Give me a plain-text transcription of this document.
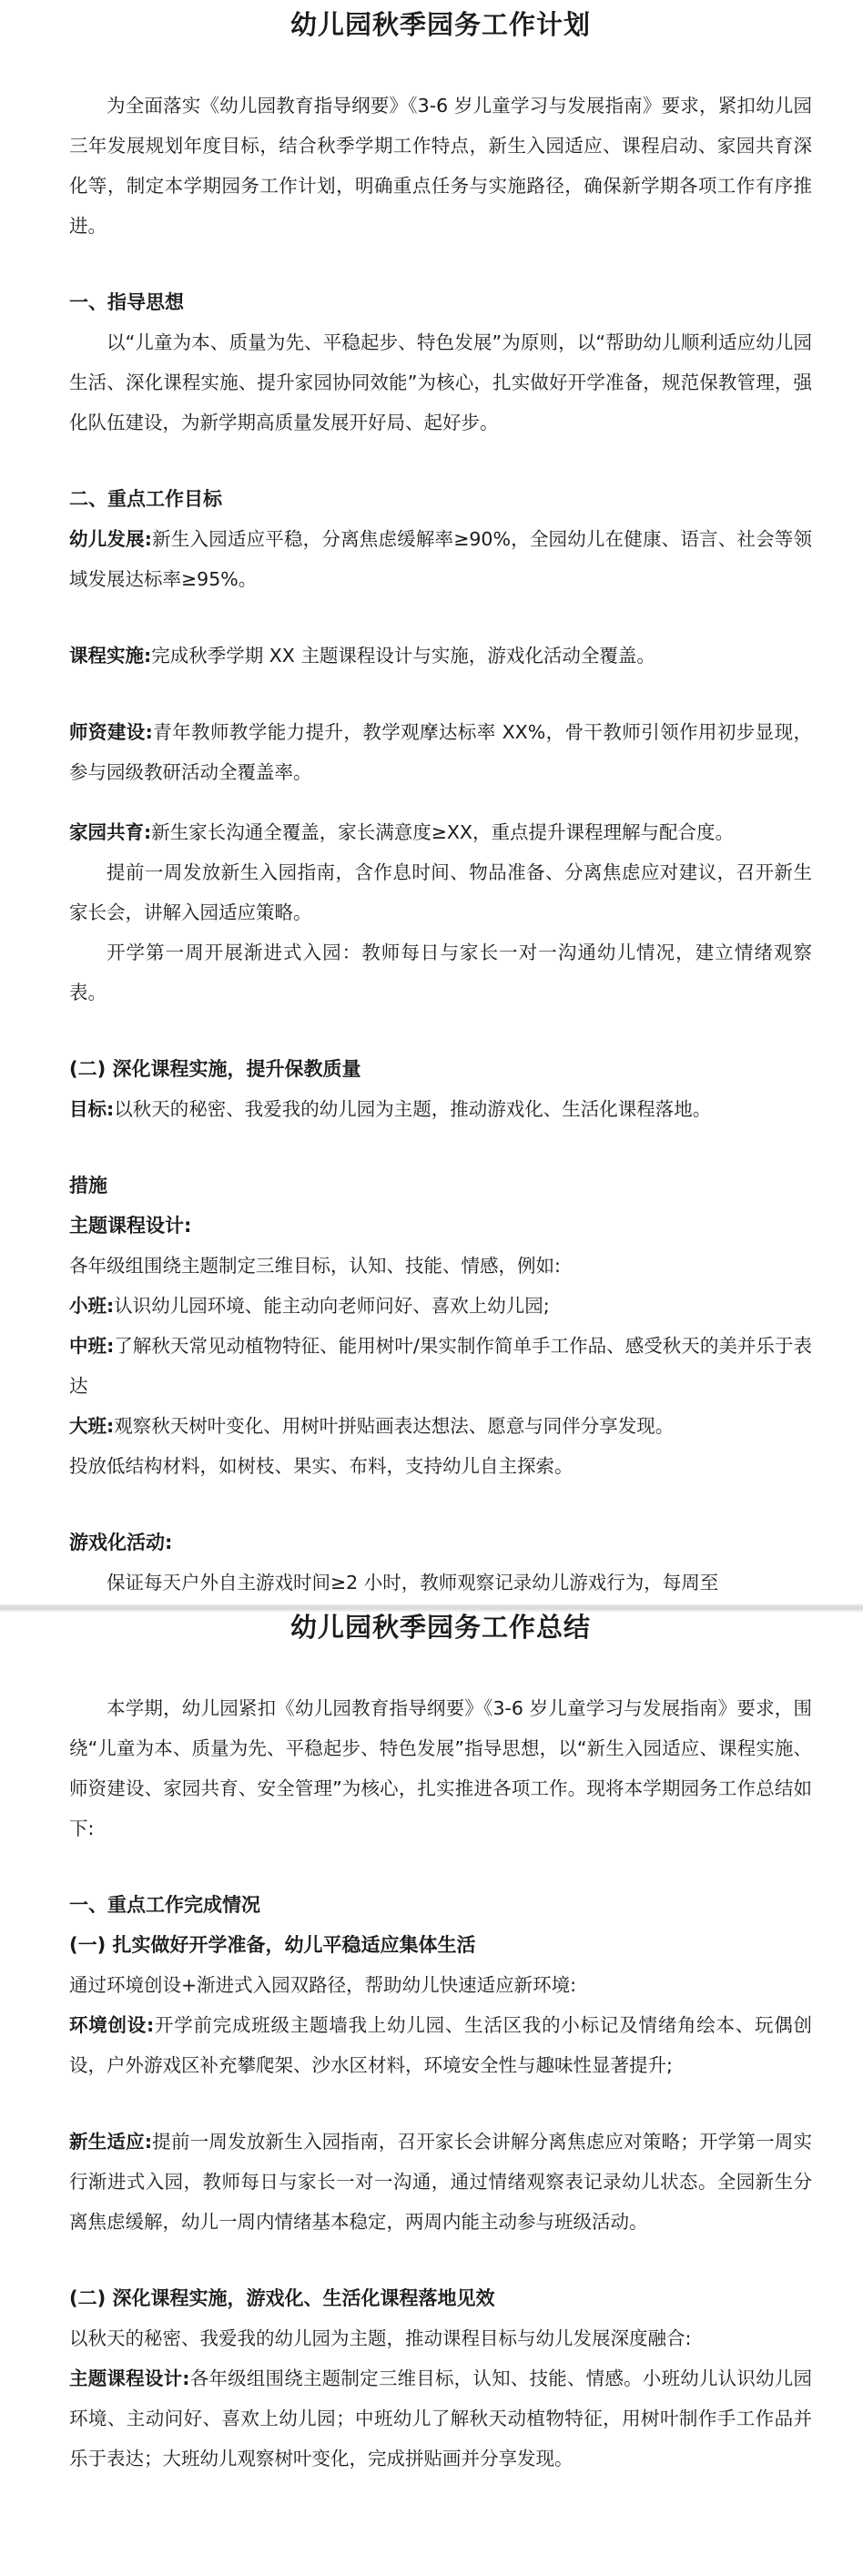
幼儿园秋季园务工作计划

为全面落实《幼儿园教育指导纲要》《3-6 岁儿童学习与发展指南》要求，紧扣幼儿园三年发展规划年度目标，结合秋季学期工作特点，新生入园适应、课程启动、家园共育深化等，制定本学期园务工作计划，明确重点任务与实施路径，确保新学期各项工作有序推进。

一、指导思想

以“儿童为本、质量为先、平稳起步、特色发展”为原则，以“帮助幼儿顺利适应幼儿园生活、深化课程实施、提升家园协同效能”为核心，扎实做好开学准备，规范保教管理，强化队伍建设，为新学期高质量发展开好局、起好步。

二、重点工作目标

幼儿发展:新生入园适应平稳，分离焦虑缓解率≥90%，全园幼儿在健康、语言、社会等领域发展达标率≥95%。

课程实施:完成秋季学期 XX 主题课程设计与实施，游戏化活动全覆盖。

师资建设:青年教师教学能力提升，教学观摩达标率 XX%，骨干教师引领作用初步显现，参与园级教研活动全覆盖率。

家园共育:新生家长沟通全覆盖，家长满意度≥XX，重点提升课程理解与配合度。

提前一周发放新生入园指南，含作息时间、物品准备、分离焦虑应对建议，召开新生家长会，讲解入园适应策略。

开学第一周开展渐进式入园：教师每日与家长一对一沟通幼儿情况，建立情绪观察表。

(二) 深化课程实施，提升保教质量

目标:以秋天的秘密、我爱我的幼儿园为主题，推动游戏化、生活化课程落地。

措施
主题课程设计:

各年级组围绕主题制定三维目标，认知、技能、情感，例如:

小班:认识幼儿园环境、能主动向老师问好、喜欢上幼儿园;

中班:了解秋天常见动植物特征、能用树叶/果实制作简单手工作品、感受秋天的美并乐于表达

大班:观察秋天树叶变化、用树叶拼贴画表达想法、愿意与同伴分享发现。

投放低结构材料，如树枝、果实、布料，支持幼儿自主探索。

游戏化活动:

保证每天户外自主游戏时间≥2 小时，教师观察记录幼儿游戏行为，每周至

幼儿园秋季园务工作总结

本学期，幼儿园紧扣《幼儿园教育指导纲要》《3-6 岁儿童学习与发展指南》要求，围绕“儿童为本、质量为先、平稳起步、特色发展”指导思想，以“新生入园适应、课程实施、师资建设、家园共育、安全管理”为核心，扎实推进各项工作。现将本学期园务工作总结如下:

一、重点工作完成情况
(一) 扎实做好开学准备，幼儿平稳适应集体生活

通过环境创设+渐进式入园双路径，帮助幼儿快速适应新环境:

环境创设:开学前完成班级主题墙我上幼儿园、生活区我的小标记及情绪角绘本、玩偶创设，户外游戏区补充攀爬架、沙水区材料，环境安全性与趣味性显著提升;

新生适应:提前一周发放新生入园指南，召开家长会讲解分离焦虑应对策略；开学第一周实行渐进式入园，教师每日与家长一对一沟通，通过情绪观察表记录幼儿状态。全园新生分离焦虑缓解，幼儿一周内情绪基本稳定，两周内能主动参与班级活动。

(二) 深化课程实施，游戏化、生活化课程落地见效

以秋天的秘密、我爱我的幼儿园为主题，推动课程目标与幼儿发展深度融合:

主题课程设计:各年级组围绕主题制定三维目标，认知、技能、情感。小班幼儿认识幼儿园环境、主动问好、喜欢上幼儿园；中班幼儿了解秋天动植物特征，用树叶制作手工作品并乐于表达；大班幼儿观察树叶变化，完成拼贴画并分享发现。
